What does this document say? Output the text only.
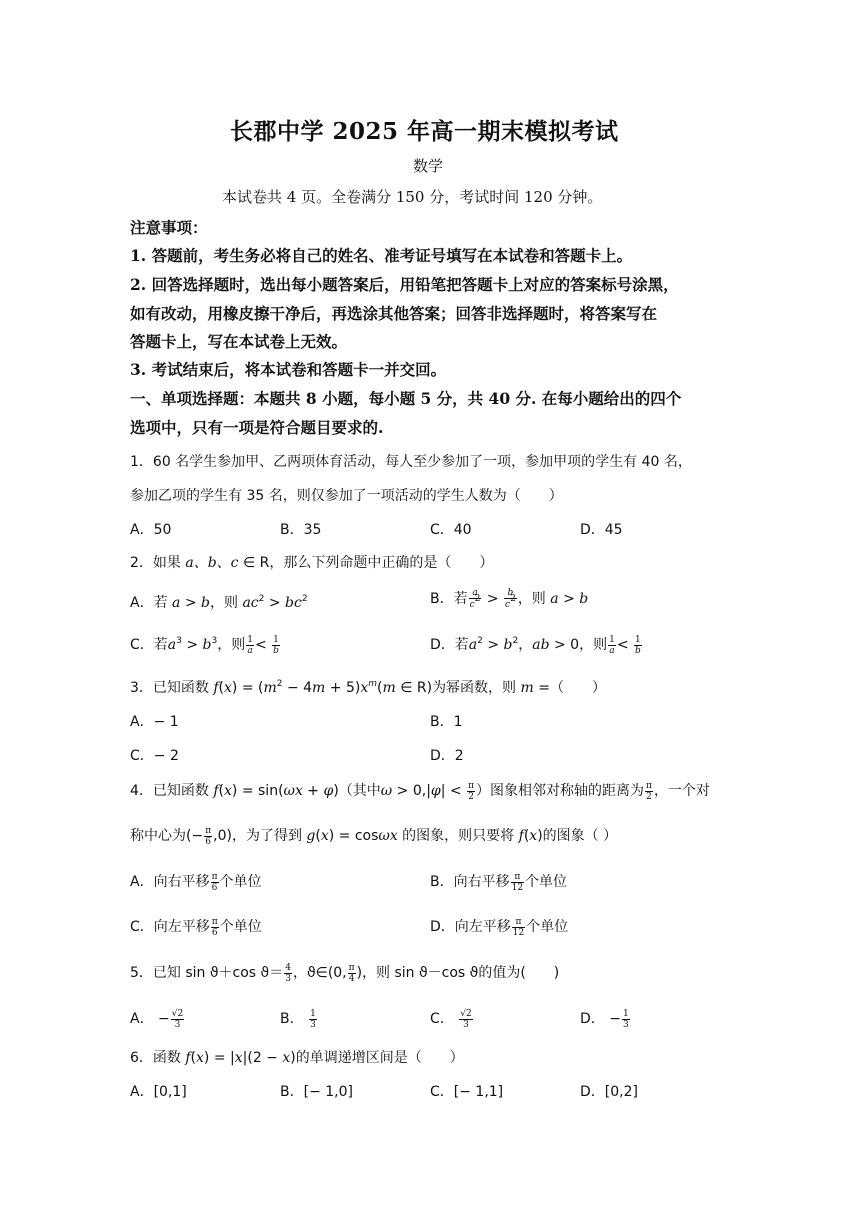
长郡中学 2025 年高一期末模拟考试
数学
本试卷共 4 页。全卷满分 150 分，考试时间 120 分钟。
注意事项：
1. 答题前，考生务必将自己的姓名、准考证号填写在本试卷和答题卡上。
2. 回答选择题时，选出每小题答案后，用铅笔把答题卡上对应的答案标号涂黑，
如有改动，用橡皮擦干净后，再选涂其他答案；回答非选择题时，将答案写在
答题卡上，写在本试卷上无效。
3. 考试结束后，将本试卷和答题卡一并交回。
一、单项选择题：本题共 8 小题，每小题 5 分，共 40 分. 在每小题给出的四个
选项中，只有一项是符合题目要求的.
1．60 名学生参加甲、乙两项体育活动，每人至少参加了一项，参加甲项的学生有 40 名，
参加乙项的学生有 35 名，则仅参加了一项活动的学生人数为（　　）
A．50	B．35	C．40	D．45
2．如果 a、b、c ∈ R，那么下列命题中正确的是（　　）
A．若 a > b，则 $ac^2 > bc^2$	B．若 $\frac{a}{c^2} > \frac{b}{c^2}$ ，则 a > b
C．若$a^3 > b^3$，则 $\frac{1}{a} < \frac{1}{b}$	D．若$a^2 > b^2$，ab > 0，则 $\frac{1}{a} < \frac{1}{b}$
3．已知函数 $f(x) = (m^2 - 4m + 5)x^m(m$ ∈ R)为幂函数，则 m =（　　）
A．− 1	B．1
C．− 2	D．2
4．已知函数 f(x) = sin(ωx + φ)（其中$\omega > 0,|\varphi| < \frac{\pi}{2}$ ）图象相邻对称轴的距离为 $\frac{\pi}{2}$ ，一个对
称中心为(− $\frac{\pi}{6} ,0$)，为了得到 g(x) = cosωx 的图象，则只要将 f(x)的图象（ ）
A．向右平移 $\frac{\pi}{6}$ 个单位	B．向右平移 $\frac{\pi}{12}$ 个单位
C．向左平移 $\frac{\pi}{6}$ 个单位	D．向左平移 $\frac{\pi}{12}$ 个单位
5．已知 sin ϑ＋cos $ϑ= \frac{4}{3}$ ，ϑ∈(0, $\frac{\pi}{4}$ )，则 sin ϑ－cos ϑ的值为(　　)
A． − $\frac{√2}{3}$	B． $\frac{1}{3}$	C． $\frac{√2}{3}$	D． − $\frac{1}{3}$
6．函数 f(x) = |x|(2 − x)的单调递增区间是（　　）
A．[0,1]	B．[− 1,0]	C．[− 1,1]	D．[0,2]
